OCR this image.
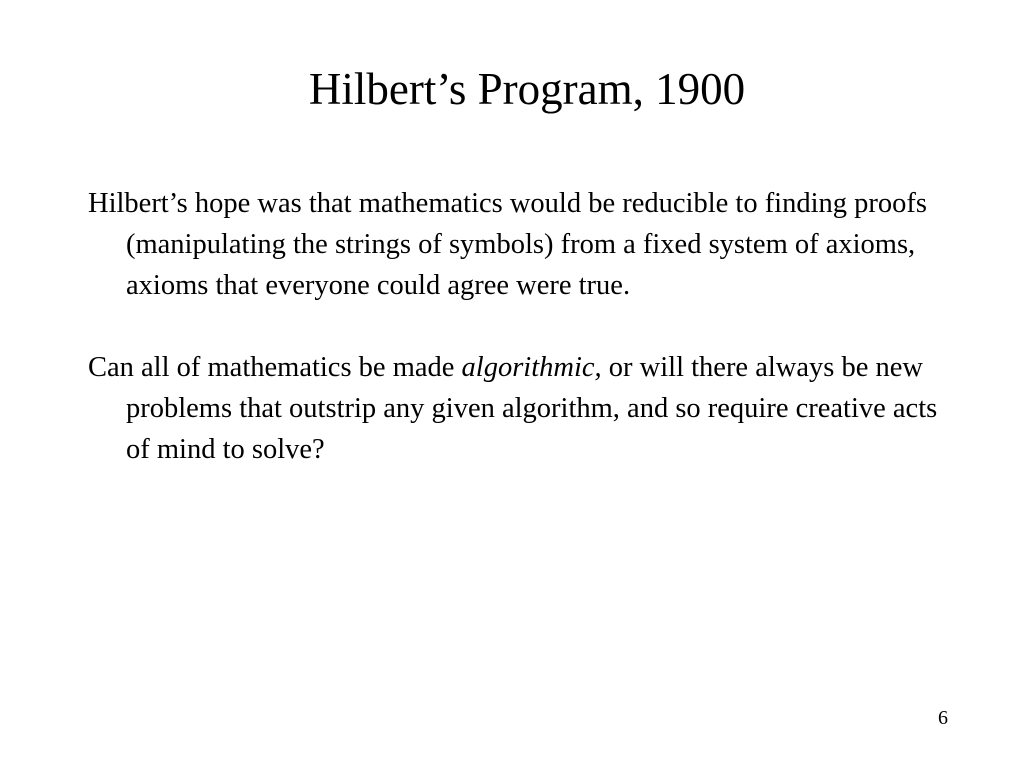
Hilbert’s Program, 1900

Hilbert’s hope was that mathematics would be reducible to finding proofs (manipulating the strings of symbols) from a fixed system of axioms, axioms that everyone could agree were true.

Can all of mathematics be made algorithmic, or will there always be new problems that outstrip any given algorithm, and so require creative acts of mind to solve?

6
